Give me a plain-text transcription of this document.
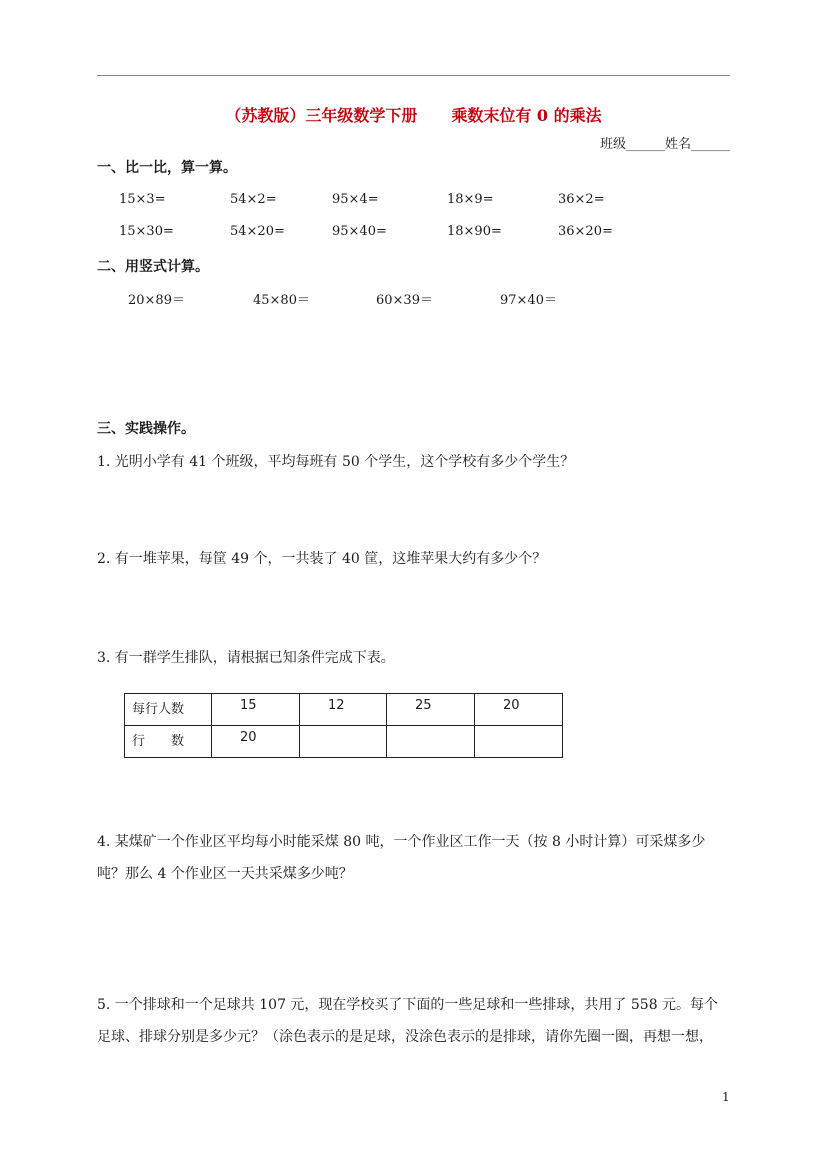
（苏教版）三年级数学下册 乘数末位有 0 的乘法
班级______姓名______
一、比一比，算一算。
15×3=	54×2=	95×4=	18×9=	36×2=
15×30=	54×20=	95×40=	18×90=	36×20=
二、用竖式计算。
20×89＝	45×80＝	60×39＝	97×40＝
三、实践操作。
1. 光明小学有 41 个班级，平均每班有 50 个学生，这个学校有多少个学生？
2. 有一堆苹果，每筐 49 个，一共装了 40 筐，这堆苹果大约有多少个？
3. 有一群学生排队，请根据已知条件完成下表。
每行人数	15	12	25	20

行　　数	20			

4. 某煤矿一个作业区平均每小时能采煤 80 吨，一个作业区工作一天（按 8 小时计算）可采煤多少
吨？那么 4 个作业区一天共采煤多少吨？
5. 一个排球和一个足球共 107 元，现在学校买了下面的一些足球和一些排球，共用了 558 元。每个
足球、排球分别是多少元？（涂色表示的是足球，没涂色表示的是排球，请你先圈一圈，再想一想，
1
